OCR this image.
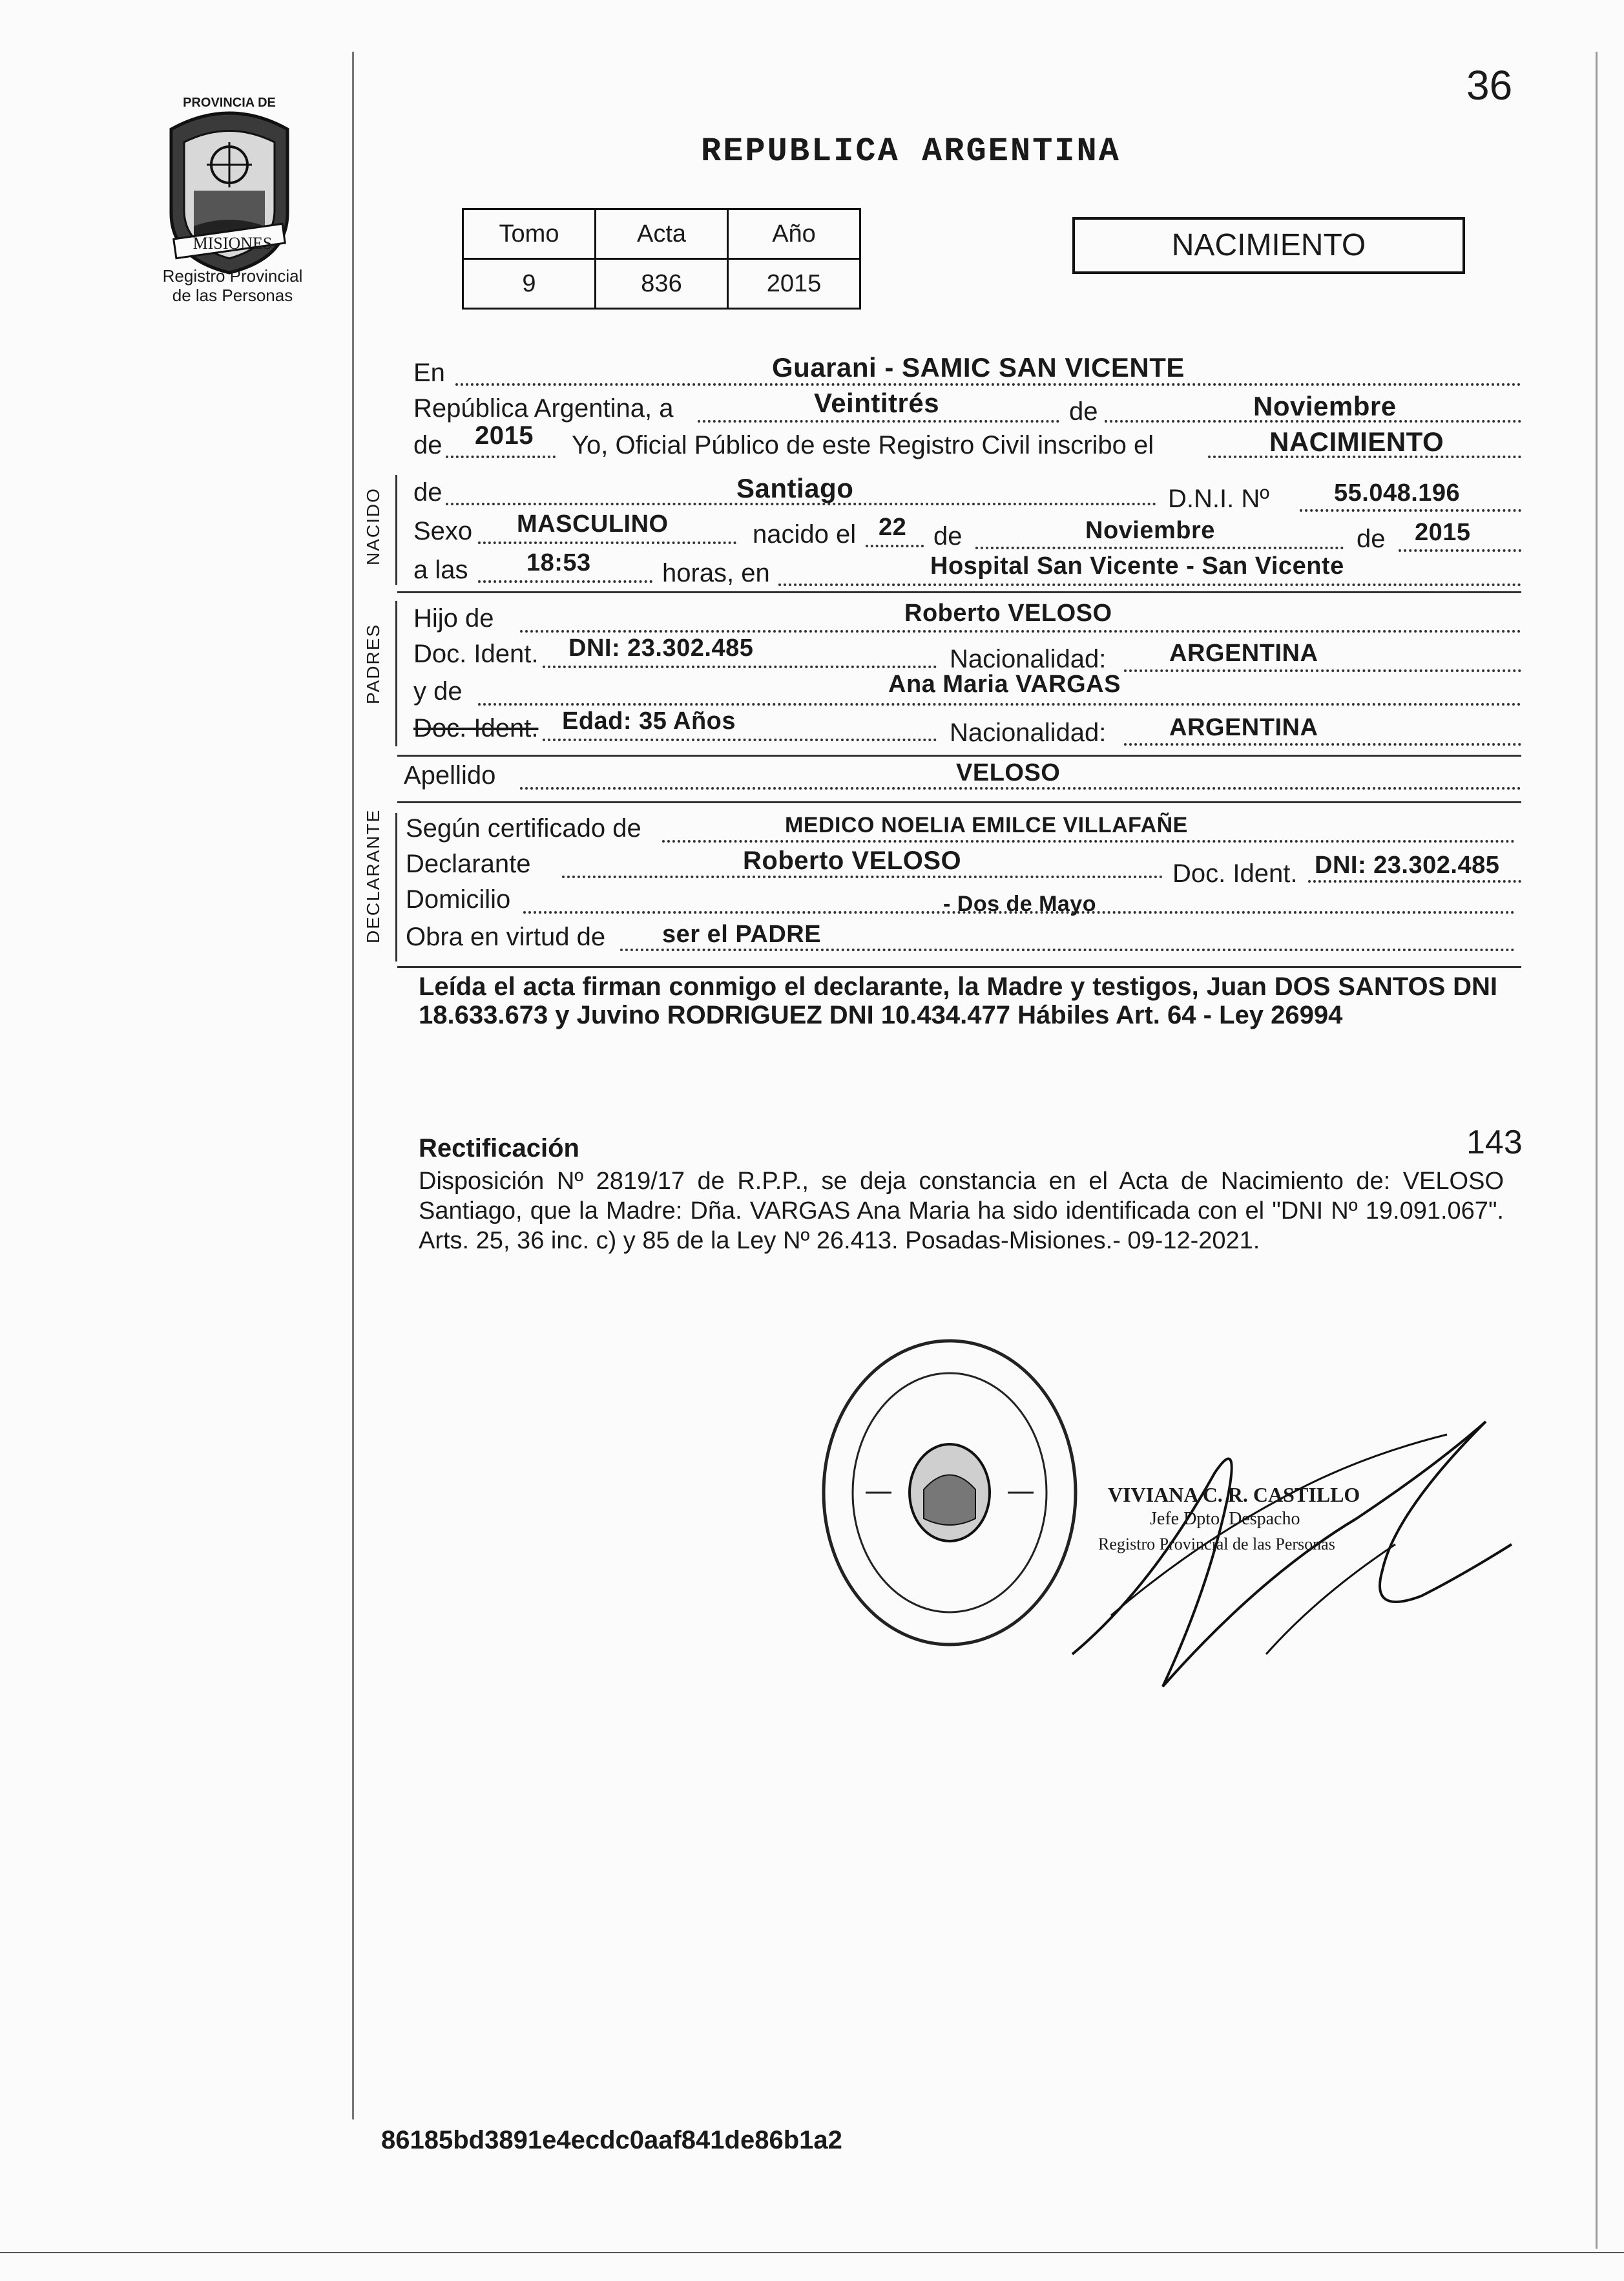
36
PROVINCIA DE
MISIONES
Registro Provincial
de las Personas
REPUBLICA ARGENTINA
Tomo	Acta	Año
9	836	2015
NACIMIENTO
En	Guarani - SAMIC SAN VICENTE
República Argentina, a	Veintitrés	de	Noviembre
de 2015 Yo, Oficial Público de este Registro Civil inscribo el	NACIMIENTO
NACIDO de	Santiago	D.N.I. Nº	55.048.196
Sexo MASCULINO	nacido el 22 de	Noviembre	de 2015
a las 18:53	horas, en	Hospital San Vicente - San Vicente
PADRES
Hijo de	Roberto VELOSO
Doc. Ident. DNI: 23.302.485	Nacionalidad:	ARGENTINA
y de	Ana Maria VARGAS
Doc. Ident. Edad: 35 Años	Nacionalidad:	ARGENTINA
Apellido	VELOSO
DECLARANTE Según certificado de	MEDICO NOELIA EMILCE VILLAFAÑE
Declarante	Roberto VELOSO	Doc. Ident. DNI: 23.302.485
Domicilio	- Dos de Mayo
Obra en virtud de ser el PADRE
Leída el acta firman conmigo el declarante, la Madre y testigos, Juan DOS SANTOS DNI 18.633.673 y Juvino RODRIGUEZ DNI 10.434.477 Hábiles Art. 64 - Ley 26994
Rectificación	143
Disposición Nº 2819/17 de R.P.P., se deja constancia en el Acta de Nacimiento de: VELOSO Santiago, que la Madre: Dña. VARGAS Ana Maria ha sido identificada con el "DNI Nº 19.091.067". Arts. 25, 36 inc. c) y 85 de la Ley Nº 26.413. Posadas-Misiones.- 09-12-2021.
VIVIANA C. R. CASTILLO
Jefe Dpto. Despacho
Registro Provincial de las Personas
86185bd3891e4ecdc0aaf841de86b1a2
